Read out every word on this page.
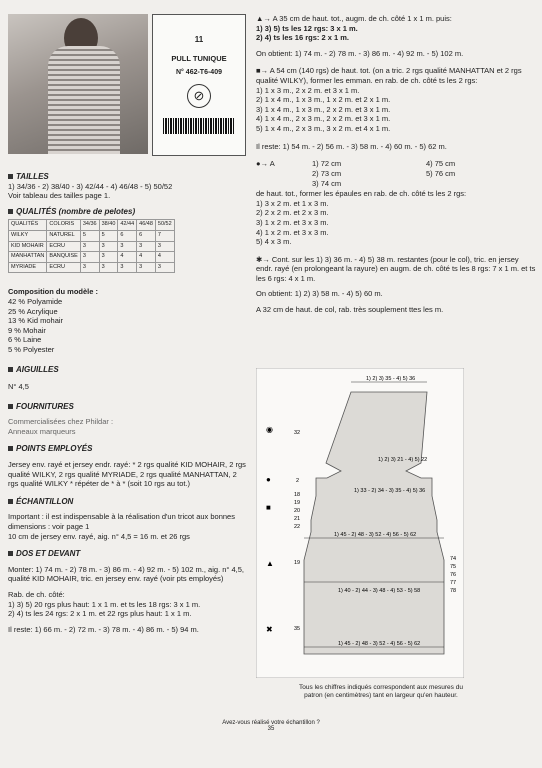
11
PULL TUNIQUE
N° 462-T6-409
⊘
TAILLES

1) 34/36 - 2) 38/40 - 3) 42/44 - 4) 46/48 - 5) 50/52

Voir tableau des tailles page 1.

QUALITÉS (nombre de pelotes)
QUALITÉS	COLORIS	34/36	38/40	42/44	46/48	50/52
WILKY	NATUREL	5	5	6	6	7
KID MOHAIR	ECRU	3	3	3	3	3
MANHATTAN	BANQUISE	3	3	4	4	4
MYRIADE	ECRU	3	3	3	3	3

Composition du modèle :

42 % Polyamide

25 % Acrylique

13 % Kid mohair

9 % Mohair

6 % Laine

5 % Polyester

AIGUILLES

N° 4,5

FOURNITURES

Commercialisées chez Phildar :

Anneaux marqueurs

POINTS EMPLOYÉS

Jersey env. rayé et jersey endr. rayé: * 2 rgs qualité KID MOHAIR, 2 rgs qualité WILKY, 2 rgs qualité MYRIADE, 2 rgs qualité MANHATTAN, 2 rgs qualité WILKY * répéter de * à * (soit 10 rgs au tot.)

ÉCHANTILLON

Important : il est indispensable à la réalisation d'un tricot aux bonnes dimensions : voir page 1

10 cm de jersey env. rayé, aig. n° 4,5 = 16 m. et 26 rgs

DOS ET DEVANT

Monter: 1) 74 m. - 2) 78 m. - 3) 86 m. - 4) 92 m. - 5) 102 m., aig. n° 4,5, qualité KID MOHAIR, tric. en jersey env. rayé (voir pts employés)

Rab. de ch. côté:

1) 3) 5) 20 rgs plus haut: 1 x 1 m. et ts les 18 rgs: 3 x 1 m.

2) 4) ts les 24 rgs: 2 x 1 m. et 22 rgs plus haut: 1 x 1 m.

Il reste: 1) 66 m. - 2) 72 m. - 3) 78 m. - 4) 86 m. - 5) 94 m.

▲→ A 35 cm de haut. tot., augm. de ch. côté 1 x 1 m. puis:

1) 3) 5) ts les 12 rgs: 3 x 1 m.

2) 4) ts les 16 rgs: 2 x 1 m.

On obtient: 1) 74 m. - 2) 78 m. - 3) 86 m. - 4) 92 m. - 5) 102 m.

■→ A 54 cm (140 rgs) de haut. tot. (on a tric. 2 rgs qualité MANHATTAN et 2 rgs qualité WILKY), former les emman. en rab. de ch. côté ts les 2 rgs:

1) 1 x 3 m., 2 x 2 m. et 3 x 1 m.

2) 1 x 4 m., 1 x 3 m., 1 x 2 m. et 2 x 1 m.

3) 1 x 4 m., 1 x 3 m., 2 x 2 m. et 3 x 1 m.

4) 1 x 4 m., 2 x 3 m., 2 x 2 m. et 3 x 1 m.

5) 1 x 4 m., 2 x 3 m., 3 x 2 m. et 4 x 1 m.

Il reste: 1) 54 m. - 2) 56 m. - 3) 58 m. - 4) 60 m. - 5) 62 m.

●→ A	1) 72 cm	4) 75 cm
2) 73 cm	5) 76 cm
3) 74 cm

de haut. tot., former les épaules en rab. de ch. côté ts les 2 rgs:

1) 3 x 2 m. et 1 x 3 m.

2) 2 x 2 m. et 2 x 3 m.

3) 1 x 2 m. et 3 x 3 m.

4) 1 x 2 m. et 3 x 3 m.

5) 4 x 3 m.

✱→ Cont. sur les 1) 3) 36 m. - 4) 5) 38 m. restantes (pour le col), tric. en jersey endr. rayé (en prolongeant la rayure) en augm. de ch. côté ts les 8 rgs: 7 x 1 m. et ts les 6 rgs: 4 x 1 m.

On obtient: 1) 2) 3) 58 m. - 4) 5) 60 m.

A 32 cm de haut. de col, rab. très souplement ttes les m.

1) 2) 3) 35 - 4) 5) 36
1) 2) 3) 21 - 4) 5) 22
1) 33 - 2) 34 - 3) 35 - 4) 5) 36
1) 45 - 2) 48 - 3) 52 - 4) 56 - 5) 62
1) 40 - 2) 44 - 3) 48 - 4) 53 - 5) 58
1) 45 - 2) 48 - 3) 52 - 4) 56 - 5) 62
◉
●
■
▲
✖
32
2
18
19
20
21
22
19
35
74
75
76
77
78
Tous les chiffres indiqués correspondent aux mesures du patron (en centimètres) tant en largeur qu'en hauteur.
Avez-vous réalisé votre échantillon ?
35
